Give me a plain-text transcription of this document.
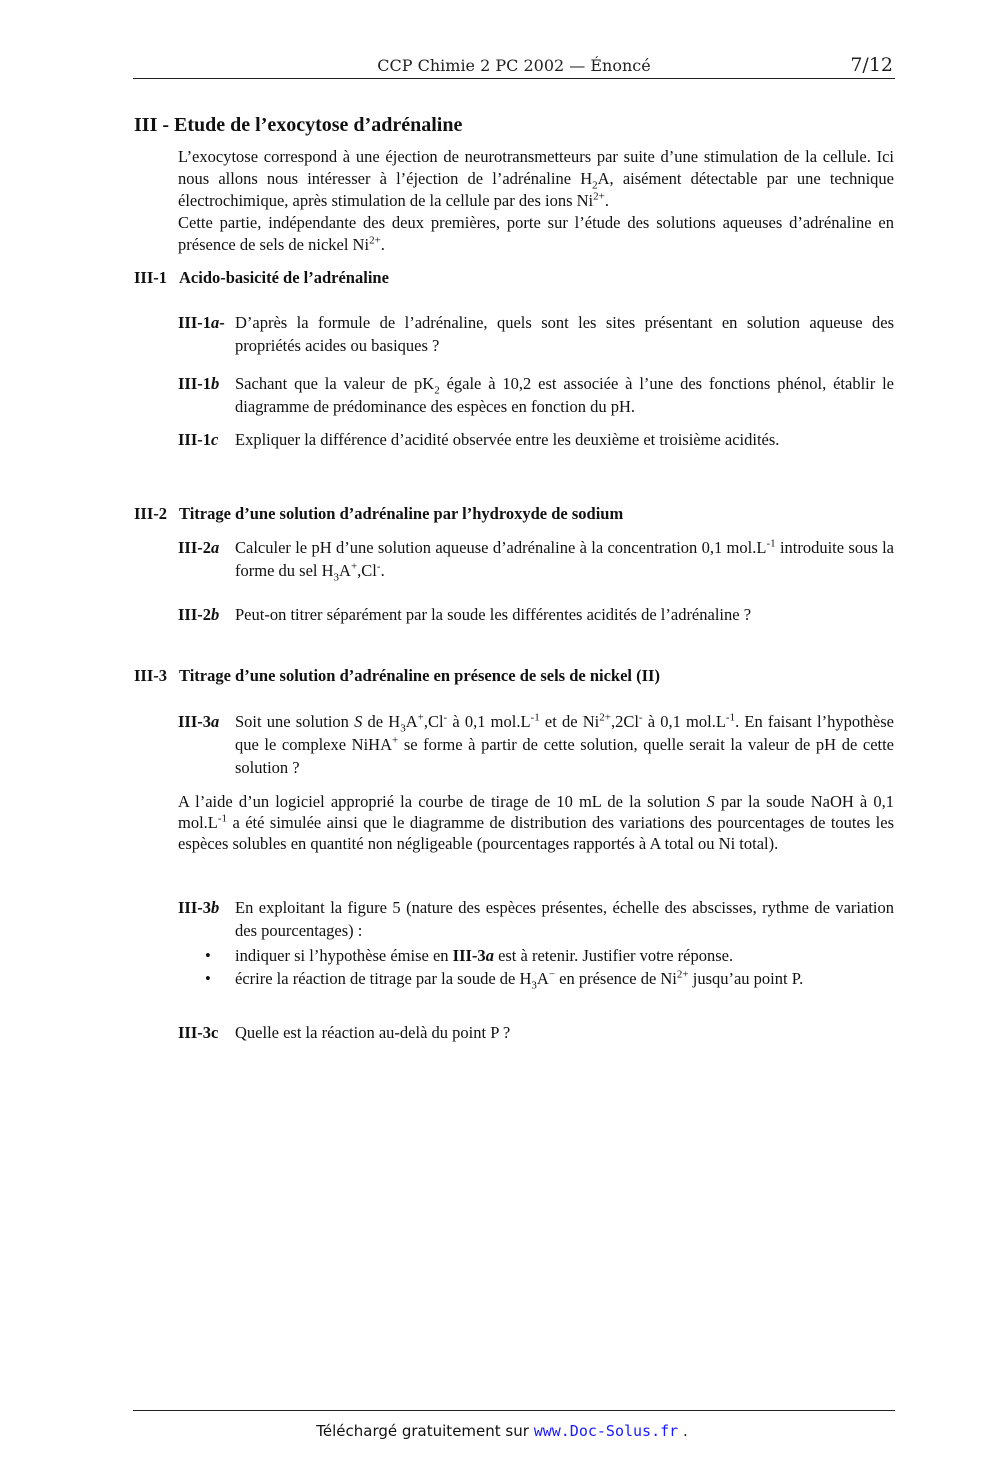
CCP Chimie 2 PC 2002 — Énoncé	7/12
III - Etude de l’exocytose d’adrénaline
L’exocytose correspond à une éjection de neurotransmetteurs par suite d’une stimulation de la cellule. Ici nous allons nous intéresser à l’éjection de l’adrénaline $H_2A$, aisément détectable par une technique électrochimique, après stimulation de la cellule par des ions $Ni^{2+}$.
Cette partie, indépendante des deux premières, porte sur l’étude des solutions aqueuses d’adrénaline en présence de sels de nickel $Ni^{2+}$.
III-1 Acido-basicité de l’adrénaline
III-1a- D’après la formule de l’adrénaline, quels sont les sites présentant en solution aqueuse des propriétés acides ou basiques ?
III-1b Sachant que la valeur de $pK_2$ égale à 10,2 est associée à l’une des fonctions phénol, établir le diagramme de prédominance des espèces en fonction du pH.
III-1c Expliquer la différence d’acidité observée entre les deuxième et troisième acidités.
III-2 Titrage d’une solution d’adrénaline par l’hydroxyde de sodium
III-2a Calculer le pH d’une solution aqueuse d’adrénaline à la concentration 0,1 $mol.L^{-1}$ introduite sous la forme du sel $H_3A^+,Cl^-$.
III-2b Peut-on titrer séparément par la soude les différentes acidités de l’adrénaline ?
III-3 Titrage d’une solution d’adrénaline en présence de sels de nickel (II)
III-3a Soit une solution S de $H_3A^+,Cl^-$ à 0,1 $mol.L^{-1}$ et de $Ni^{2+},2Cl^-$ à 0,1 $mol.L^{-1}$. En faisant l’hypothèse que le complexe NiHA+ se forme à partir de cette solution, quelle serait la valeur de pH de cette solution ?
A l’aide d’un logiciel approprié la courbe de tirage de 10 mL de la solution S par la soude NaOH à 0,1 $mol.L^{-1}$ a été simulée ainsi que le diagramme de distribution des variations des pourcentages de toutes les espèces solubles en quantité non négligeable (pourcentages rapportés à A total ou Ni total).
III-3b En exploitant la figure 5 (nature des espèces présentes, échelle des abscisses, rythme de variation des pourcentages) :
• indiquer si l’hypothèse émise en III-3a est à retenir. Justifier votre réponse.
• écrire la réaction de titrage par la soude de $H_3A^-$ en présence de $Ni^{2+}$ jusqu’au point P.
III-3c Quelle est la réaction au-delà du point P ?
Téléchargé gratuitement sur www.Doc-Solus.fr .
